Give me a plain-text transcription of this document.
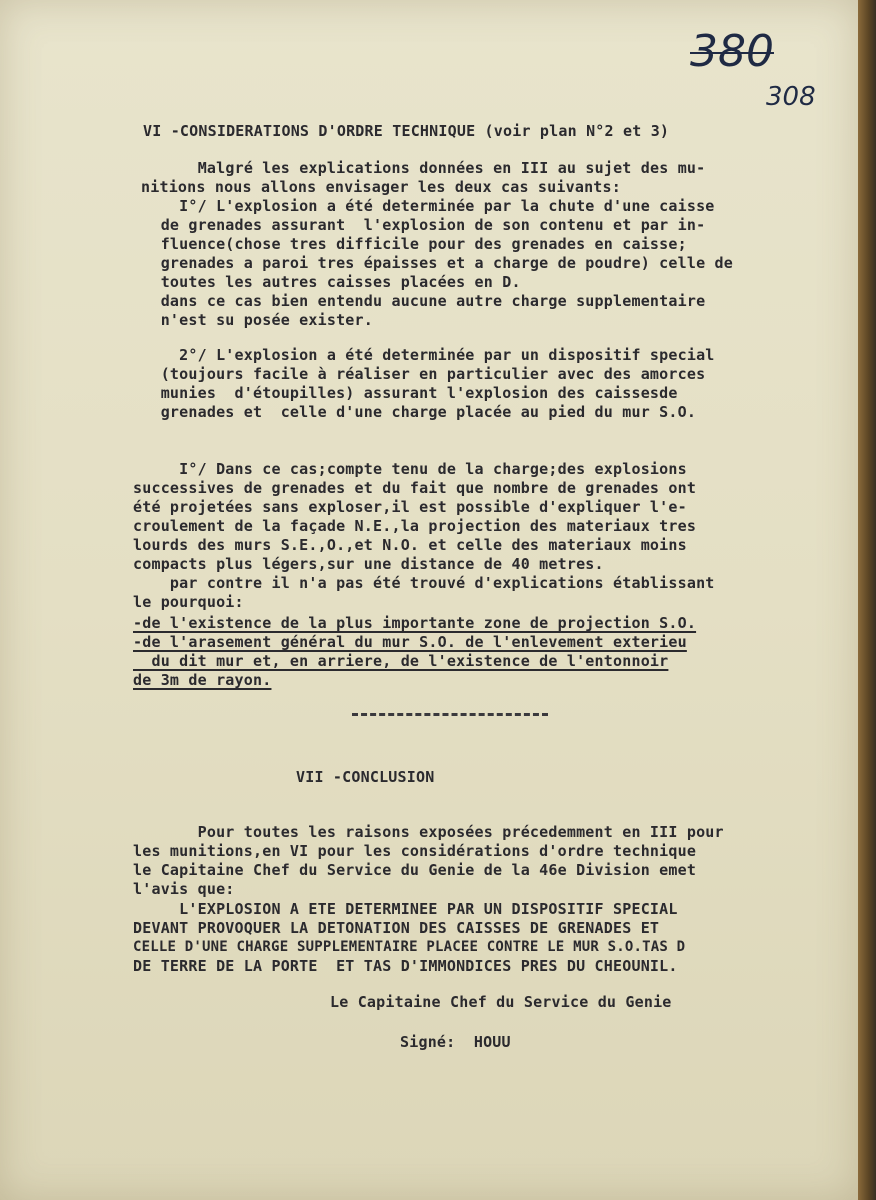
380
308

VI -CONSIDERATIONS D'ORDRE TECHNIQUE (voir plan N°2 et 3)

Malgré les explications données en III au sujet des mu-

nitions nous allons envisager les deux cas suivants:

I°/ L'explosion a été determinée par la chute d'une caisse

de grenades assurant  l'explosion de son contenu et par in-

fluence(chose tres difficile pour des grenades en caisse;

grenades a paroi tres épaisses et a charge de poudre) celle de

toutes les autres caisses placées en D.

dans ce cas bien entendu aucune autre charge supplementaire

n'est su posée exister.

2°/ L'explosion a été determinée par un dispositif special

(toujours facile à réaliser en particulier avec des amorces

munies  d'étoupilles) assurant l'explosion des caissesde

grenades et  celle d'une charge placée au pied du mur S.O.

I°/ Dans ce cas;compte tenu de la charge;des explosions

successives de grenades et du fait que nombre de grenades ont

été projetées sans exploser,il est possible d'expliquer l'e-

croulement de la façade N.E.,la projection des materiaux tres

lourds des murs S.E.,O.,et N.O. et celle des materiaux moins

compacts plus légers,sur une distance de 40 metres.

par contre il n'a pas été trouvé d'explications établissant

le pourquoi:

-de l'existence de la plus importante zone de projection S.O.

-de l'arasement général du mur S.O. de l'enlevement exterieu

du dit mur et, en arriere, de l'existence de l'entonnoir

de 3m de rayon.

VII -CONCLUSION

Pour toutes les raisons exposées précedemment en III pour

les munitions,en VI pour les considérations d'ordre technique

le Capitaine Chef du Service du Genie de la 46e Division emet

l'avis que:

L'EXPLOSION A ETE DETERMINEE PAR UN DISPOSITIF SPECIAL

DEVANT PROVOQUER LA DETONATION DES CAISSES DE GRENADES ET

CELLE D'UNE CHARGE SUPPLEMENTAIRE PLACEE CONTRE LE MUR S.O.TAS D

DE TERRE DE LA PORTE  ET TAS D'IMMONDICES PRES DU CHEOUNIL.

Le Capitaine Chef du Service du Genie

Signé:  HOUU
